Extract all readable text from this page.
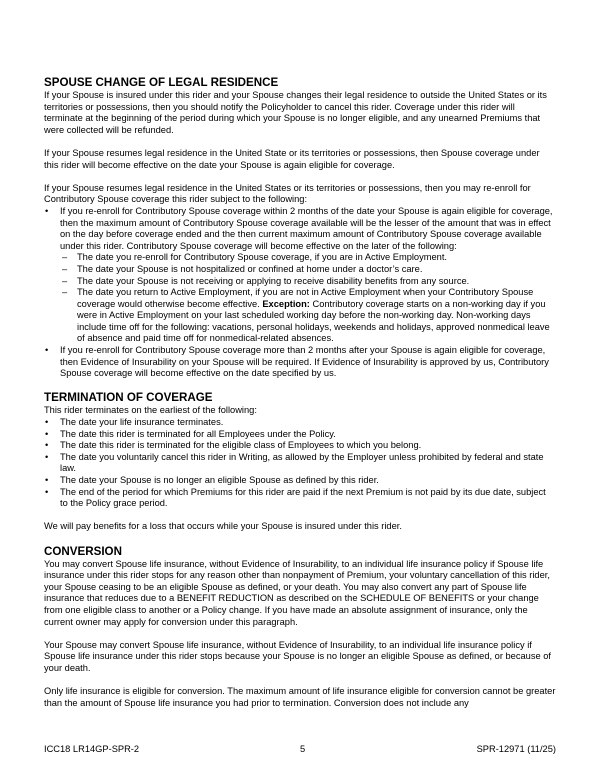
SPOUSE CHANGE OF LEGAL RESIDENCE

If your Spouse is insured under this rider and your Spouse changes their legal residence to outside the United States or its territories or possessions, then you should notify the Policyholder to cancel this rider. Coverage under this rider will terminate at the beginning of the period during which your Spouse is no longer eligible, and any unearned Premiums that were collected will be refunded.

If your Spouse resumes legal residence in the United State or its territories or possessions, then Spouse coverage under this rider will become effective on the date your Spouse is again eligible for coverage.

If your Spouse resumes legal residence in the United States or its territories or possessions, then you may re-enroll for Contributory Spouse coverage this rider subject to the following:

• If you re-enroll for Contributory Spouse coverage within 2 months of the date your Spouse is again eligible for coverage, then the maximum amount of Contributory Spouse coverage available will be the lesser of the amount that was in effect on the day before coverage ended and the then current maximum amount of Contributory Spouse coverage available under this rider. Contributory Spouse coverage will become effective on the later of the following:
– The date you re-enroll for Contributory Spouse coverage, if you are in Active Employment.
– The date your Spouse is not hospitalized or confined at home under a doctor’s care.
– The date your Spouse is not receiving or applying to receive disability benefits from any source.
– The date you return to Active Employment, if you are not in Active Employment when your Contributory Spouse coverage would otherwise become effective. Exception: Contributory coverage starts on a non-working day if you were in Active Employment on your last scheduled working day before the non-working day. Non-working days include time off for the following: vacations, personal holidays, weekends and holidays, approved nonmedical leave of absence and paid time off for nonmedical-related absences.
• If you re-enroll for Contributory Spouse coverage more than 2 months after your Spouse is again eligible for coverage, then Evidence of Insurability on your Spouse will be required. If Evidence of Insurability is approved by us, Contributory Spouse coverage will become effective on the date specified by us.
TERMINATION OF COVERAGE

This rider terminates on the earliest of the following:

• The date your life insurance terminates.
• The date this rider is terminated for all Employees under the Policy.
• The date this rider is terminated for the eligible class of Employees to which you belong.
• The date you voluntarily cancel this rider in Writing, as allowed by the Employer unless prohibited by federal and state law.
• The date your Spouse is no longer an eligible Spouse as defined by this rider.
• The end of the period for which Premiums for this rider are paid if the next Premium is not paid by its due date, subject to the Policy grace period.

We will pay benefits for a loss that occurs while your Spouse is insured under this rider.

CONVERSION

You may convert Spouse life insurance, without Evidence of Insurability, to an individual life insurance policy if Spouse life insurance under this rider stops for any reason other than nonpayment of Premium, your voluntary cancellation of this rider, your Spouse ceasing to be an eligible Spouse as defined, or your death. You may also convert any part of Spouse life insurance that reduces due to a BENEFIT REDUCTION as described on the SCHEDULE OF BENEFITS or your change from one eligible class to another or a Policy change. If you have made an absolute assignment of insurance, only the current owner may apply for conversion under this paragraph.

Your Spouse may convert Spouse life insurance, without Evidence of Insurability, to an individual life insurance policy if Spouse life insurance under this rider stops because your Spouse is no longer an eligible Spouse as defined, or because of your death.

Only life insurance is eligible for conversion. The maximum amount of life insurance eligible for conversion cannot be greater than the amount of Spouse life insurance you had prior to termination. Conversion does not include any

ICC18 LR14GP-SPR-2	5	SPR-12971 (11/25)
